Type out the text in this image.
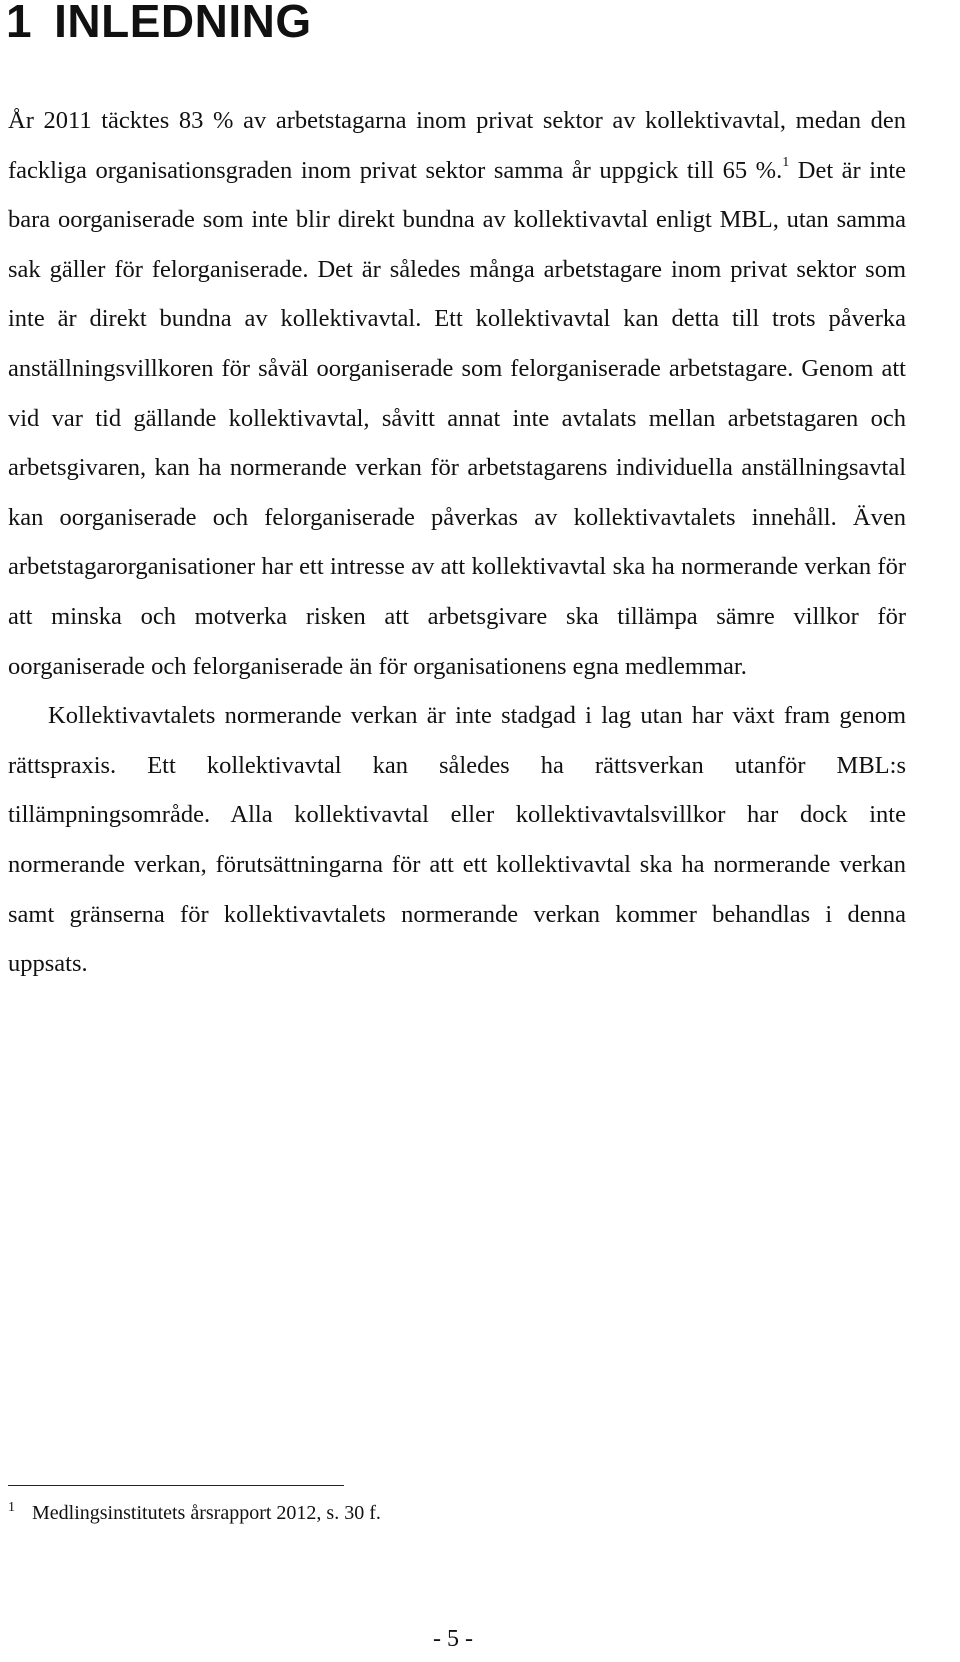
1 INLEDNING

År 2011 täcktes 83 % av arbetstagarna inom privat sektor av kollektivavtal, medan den fackliga organisationsgraden inom privat sektor samma år uppgick till 65 %.$^1$ Det är inte bara oorganiserade som inte blir direkt bundna av kollektivavtal enligt MBL, utan samma sak gäller för felorganiserade. Det är således många arbetstagare inom privat sektor som inte är direkt bundna av kollektivavtal. Ett kollektivavtal kan detta till trots påverka anställningsvillkoren för såväl oorganiserade som felorganiserade arbetstagare. Genom att vid var tid gällande kollektivavtal, såvitt annat inte avtalats mellan arbetstagaren och arbetsgivaren, kan ha normerande verkan för arbetstagarens individuella anställningsavtal kan oorganiserade och felorganiserade påverkas av kollektivavtalets innehåll. Även arbetstagarorganisationer har ett intresse av att kollektivavtal ska ha normerande verkan för att minska och motverka risken att arbetsgivare ska tillämpa sämre villkor för oorganiserade och felorganiserade än för organisationens egna medlemmar.

Kollektivavtalets normerande verkan är inte stadgad i lag utan har växt fram genom rättspraxis. Ett kollektivavtal kan således ha rättsverkan utanför MBL:s tillämpningsområde. Alla kollektivavtal eller kollektivavtalsvillkor har dock inte normerande verkan, förutsättningarna för att ett kollektivavtal ska ha normerande verkan samt gränserna för kollektivavtalets normerande verkan kommer behandlas i denna uppsats.

$^1$ Medlingsinstitutets årsrapport 2012, s. 30 f.
- 5 -
